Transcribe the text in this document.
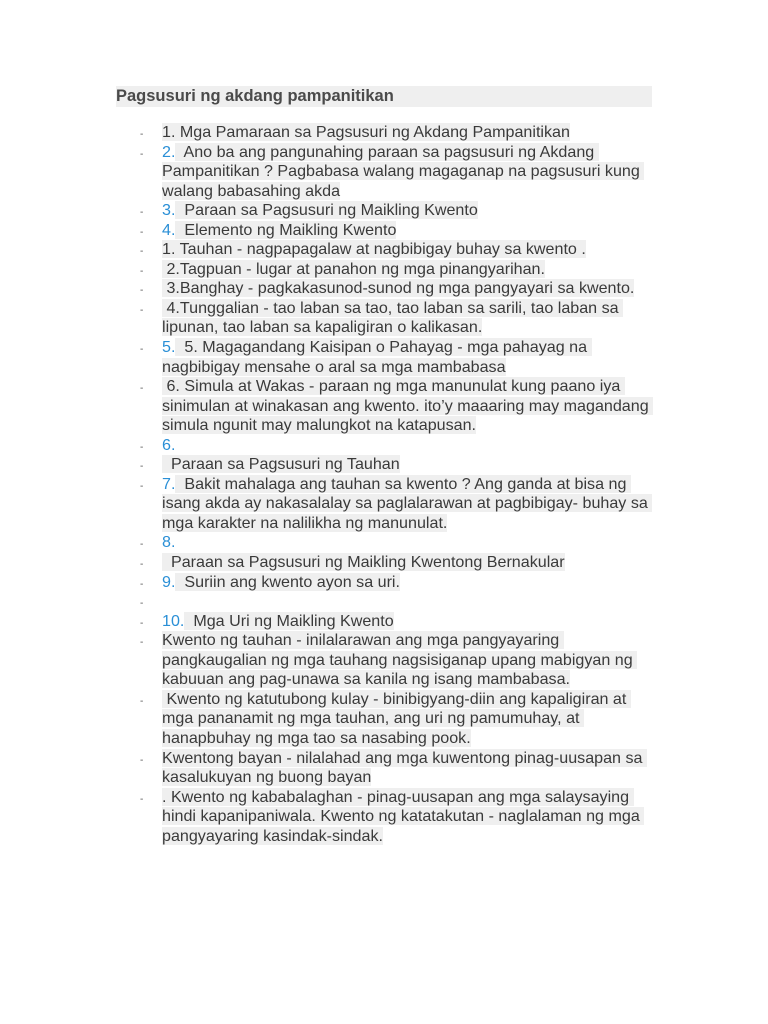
Pagsusuri ng akdang pampanitikan
- 1. Mga Pamaraan sa Pagsusuri ng Akdang Pampanitikan
- 2.  Ano ba ang pangunahing paraan sa pagsusuri ng Akdang Pampanitikan ? Pagbabasa walang magaganap na pagsusuri kung walang babasahing akda
- 3.  Paraan sa Pagsusuri ng Maikling Kwento
- 4.  Elemento ng Maikling Kwento
- 1. Tauhan - nagpapagalaw at nagbibigay buhay sa kwento .
- 2.Tagpuan - lugar at panahon ng mga pinangyarihan.
- 3.Banghay - pagkakasunod-sunod ng mga pangyayari sa kwento.
- 4.Tunggalian - tao laban sa tao, tao laban sa sarili, tao laban sa lipunan, tao laban sa kapaligiran o kalikasan.
- 5.  5. Magagandang Kaisipan o Pahayag - mga pahayag na nagbibigay mensahe o aral sa mga mambabasa
- 6. Simula at Wakas - paraan ng mga manunulat kung paano iya sinimulan at winakasan ang kwento. ito’y maaaring may magandang simula ngunit may malungkot na katapusan.
- 6.
- Paraan sa Pagsusuri ng Tauhan
- 7.  Bakit mahalaga ang tauhan sa kwento ? Ang ganda at bisa ng isang akda ay nakasalalay sa paglalarawan at pagbibigay- buhay sa mga karakter na nalilikha ng manunulat.
- 8.
- Paraan sa Pagsusuri ng Maikling Kwentong Bernakular
- 9.  Suriin ang kwento ayon sa uri.
-
- 10.  Mga Uri ng Maikling Kwento
- Kwento ng tauhan - inilalarawan ang mga pangyayaring pangkaugalian ng mga tauhang nagsisiganap upang mabigyan ng kabuuan ang pag-unawa sa kanila ng isang mambabasa.
- Kwento ng katutubong kulay - binibigyang-diin ang kapaligiran at mga pananamit ng mga tauhan, ang uri ng pamumuhay, at hanapbuhay ng mga tao sa nasabing pook.
- Kwentong bayan - nilalahad ang mga kuwentong pinag-uusapan sa kasalukuyan ng buong bayan
- . Kwento ng kababalaghan - pinag-uusapan ang mga salaysaying hindi kapanipaniwala. Kwento ng katatakutan - naglalaman ng mga pangyayaring kasindak-sindak.
